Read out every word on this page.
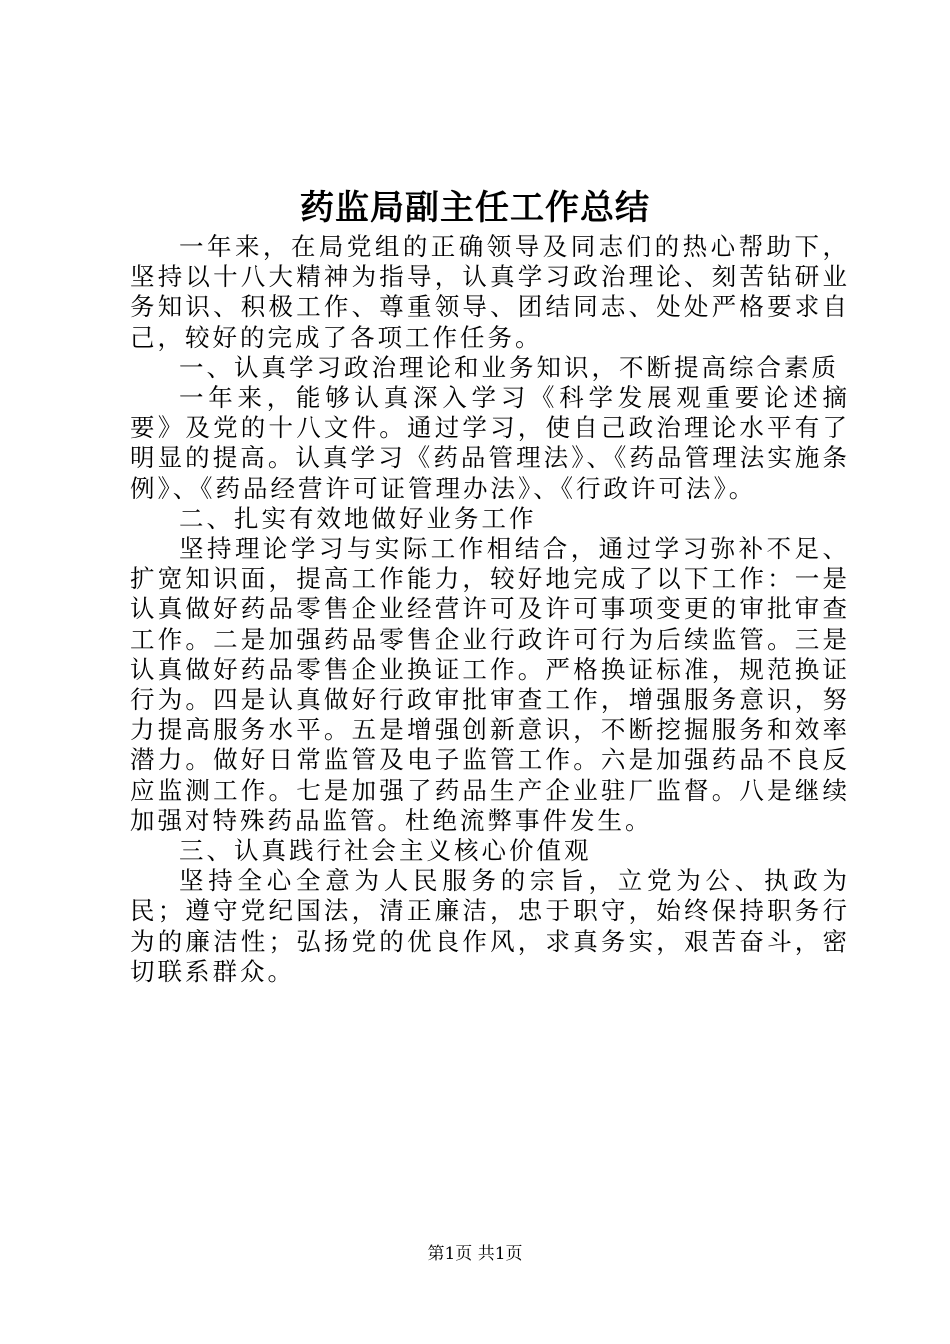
药监局副主任工作总结

一年来，在局党组的正确领导及同志们的热心帮助下，坚持以十八大精神为指导，认真学习政治理论、刻苦钻研业务知识、积极工作、尊重领导、团结同志、处处严格要求自己，较好的完成了各项工作任务。

一、认真学习政治理论和业务知识，不断提高综合素质

一年来，能够认真深入学习《科学发展观重要论述摘要》及党的十八文件。通过学习，使自己政治理论水平有了明显的提高。认真学习《药品管理法》、《药品管理法实施条例》、《药品经营许可证管理办法》、《行政许可法》。

二、扎实有效地做好业务工作

坚持理论学习与实际工作相结合，通过学习弥补不足、扩宽知识面，提高工作能力，较好地完成了以下工作：一是认真做好药品零售企业经营许可及许可事项变更的审批审查工作。二是加强药品零售企业行政许可行为后续监管。三是认真做好药品零售企业换证工作。严格换证标准，规范换证行为。四是认真做好行政审批审查工作，增强服务意识，努力提高服务水平。五是增强创新意识，不断挖掘服务和效率潜力。做好日常监管及电子监管工作。六是加强药品不良反应监测工作。七是加强了药品生产企业驻厂监督。八是继续加强对特殊药品监管。杜绝流弊事件发生。

三、认真践行社会主义核心价值观

坚持全心全意为人民服务的宗旨，立党为公、执政为民；遵守党纪国法，清正廉洁，忠于职守，始终保持职务行为的廉洁性；弘扬党的优良作风，求真务实，艰苦奋斗，密切联系群众。

第1页 共1页
